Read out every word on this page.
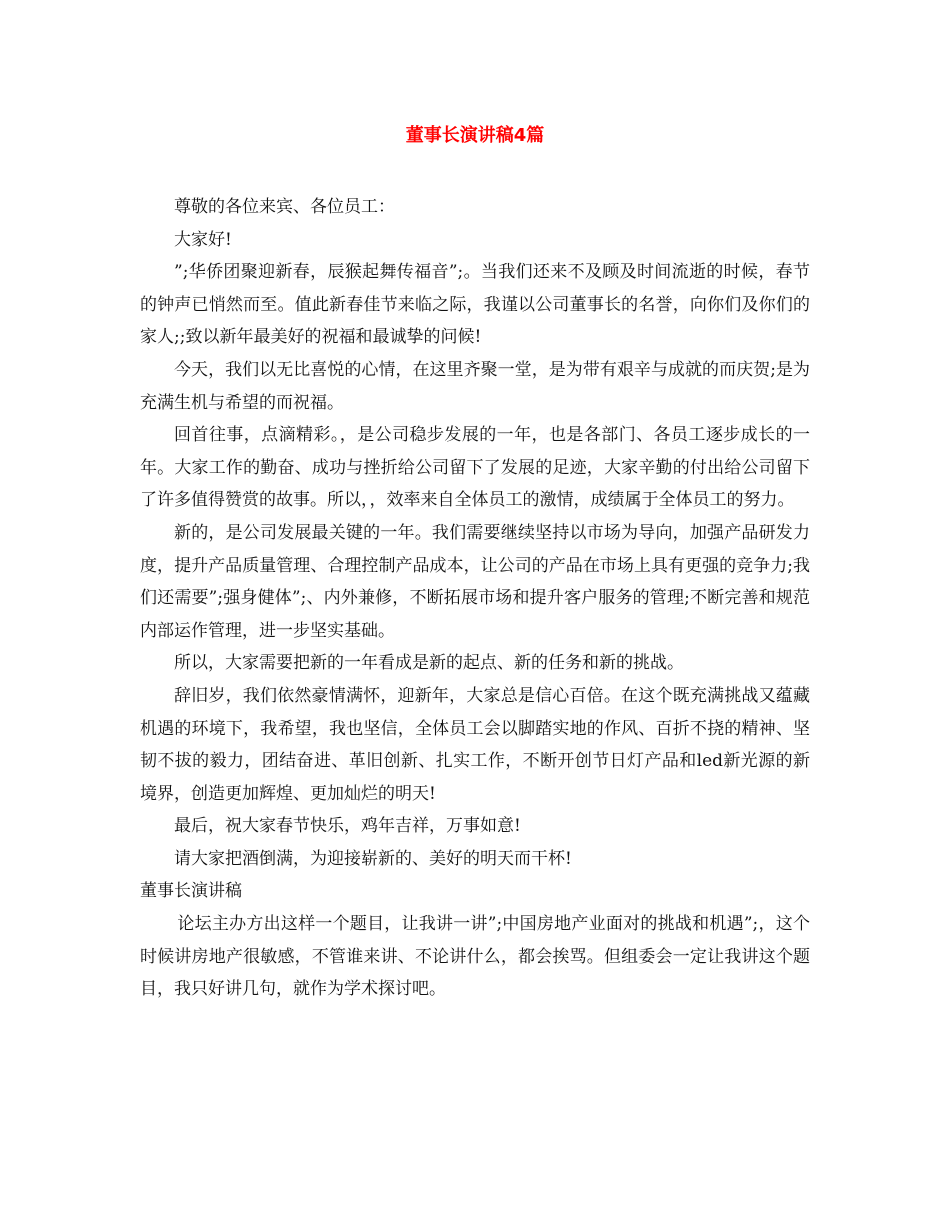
董事长演讲稿4篇

尊敬的各位来宾、各位员工：

大家好!

”;华侨团聚迎新春，辰猴起舞传福音”;。当我们还来不及顾及时间流逝的时候，春节的钟声已悄然而至。值此新春佳节来临之际，我谨以公司董事长的名誉，向你们及你们的家人;;致以新年最美好的祝福和最诚挚的问候!

今天，我们以无比喜悦的心情，在这里齐聚一堂，是为带有艰辛与成就的而庆贺;是为充满生机与希望的而祝福。

回首往事，点滴精彩。，是公司稳步发展的一年，也是各部门、各员工逐步成长的一年。大家工作的勤奋、成功与挫折给公司留下了发展的足迹，大家辛勤的付出给公司留下了许多值得赞赏的故事。所以，，效率来自全体员工的激情，成绩属于全体员工的努力。

新的，是公司发展最关键的一年。我们需要继续坚持以市场为导向，加强产品研发力度，提升产品质量管理、合理控制产品成本，让公司的产品在市场上具有更强的竞争力;我们还需要”;强身健体”;、内外兼修，不断拓展市场和提升客户服务的管理;不断完善和规范内部运作管理，进一步坚实基础。

所以，大家需要把新的一年看成是新的起点、新的任务和新的挑战。

辞旧岁，我们依然豪情满怀，迎新年，大家总是信心百倍。在这个既充满挑战又蕴藏机遇的环境下，我希望，我也坚信，全体员工会以脚踏实地的作风、百折不挠的精神、坚韧不拔的毅力，团结奋进、革旧创新、扎实工作，不断开创节日灯产品和led新光源的新境界，创造更加辉煌、更加灿烂的明天!

最后，祝大家春节快乐，鸡年吉祥，万事如意!

请大家把酒倒满，为迎接崭新的、美好的明天而干杯!

董事长演讲稿

论坛主办方出这样一个题目，让我讲一讲”;中国房地产业面对的挑战和机遇”;，这个时候讲房地产很敏感，不管谁来讲、不论讲什么，都会挨骂。但组委会一定让我讲这个题目，我只好讲几句，就作为学术探讨吧。
